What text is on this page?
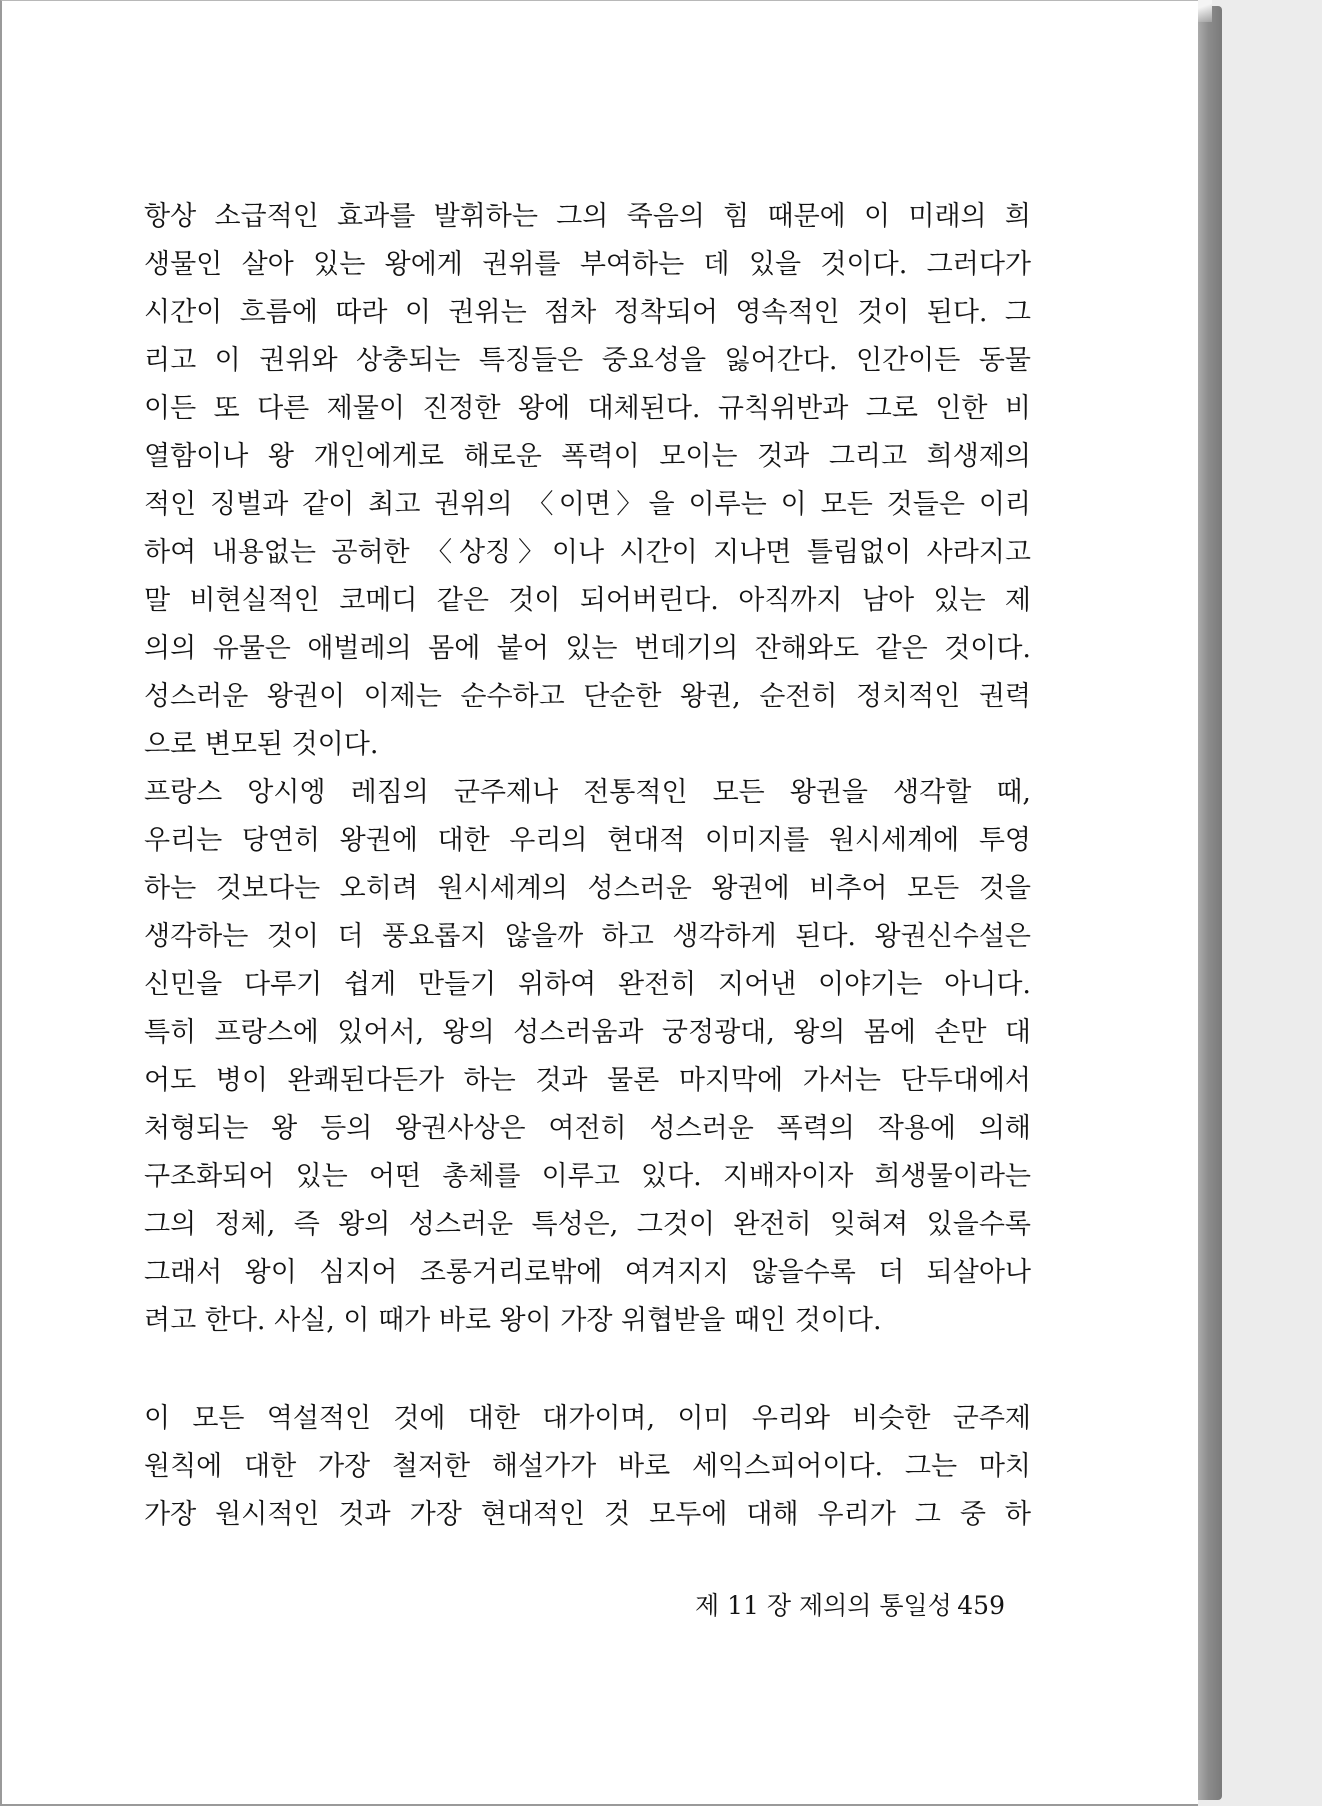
항상 소급적인 효과를 발휘하는 그의 죽음의 힘 때문에 이 미래의 희
생물인 살아 있는 왕에게 권위를 부여하는 데 있을 것이다. 그러다가
시간이 흐름에 따라 이 권위는 점차 정착되어 영속적인 것이 된다. 그
리고 이 권위와 상충되는 특징들은 중요성을 잃어간다. 인간이든 동물
이든 또 다른 제물이 진정한 왕에 대체된다. 규칙위반과 그로 인한 비
열함이나 왕 개인에게로 해로운 폭력이 모이는 것과 그리고 희생제의
적인 징벌과 같이 최고 권위의 〈이면〉을 이루는 이 모든 것들은 이리
하여 내용없는 공허한 〈상징〉이나 시간이 지나면 틀림없이 사라지고
말 비현실적인 코메디 같은 것이 되어버린다. 아직까지 남아 있는 제
의의 유물은 애벌레의 몸에 붙어 있는 번데기의 잔해와도 같은 것이다.
성스러운 왕권이 이제는 순수하고 단순한 왕권, 순전히 정치적인 권력
으로 변모된 것이다.
프랑스 앙시엥 레짐의 군주제나 전통적인 모든 왕권을 생각할 때,
우리는 당연히 왕권에 대한 우리의 현대적 이미지를 원시세계에 투영
하는 것보다는 오히려 원시세계의 성스러운 왕권에 비추어 모든 것을
생각하는 것이 더 풍요롭지 않을까 하고 생각하게 된다. 왕권신수설은
신민을 다루기 쉽게 만들기 위하여 완전히 지어낸 이야기는 아니다.
특히 프랑스에 있어서, 왕의 성스러움과 궁정광대, 왕의 몸에 손만 대
어도 병이 완쾌된다든가 하는 것과 물론 마지막에 가서는 단두대에서
처형되는 왕 등의 왕권사상은 여전히 성스러운 폭력의 작용에 의해
구조화되어 있는 어떤 총체를 이루고 있다. 지배자이자 희생물이라는
그의 정체, 즉 왕의 성스러운 특성은, 그것이 완전히 잊혀져 있을수록
그래서 왕이 심지어 조롱거리로밖에 여겨지지 않을수록 더 되살아나
려고 한다. 사실, 이 때가 바로 왕이 가장 위협받을 때인 것이다.
이 모든 역설적인 것에 대한 대가이며, 이미 우리와 비슷한 군주제
원칙에 대한 가장 철저한 해설가가 바로 세익스피어이다. 그는 마치
가장 원시적인 것과 가장 현대적인 것 모두에 대해 우리가 그 중 하
제 11 장 제의의 통일성 459
